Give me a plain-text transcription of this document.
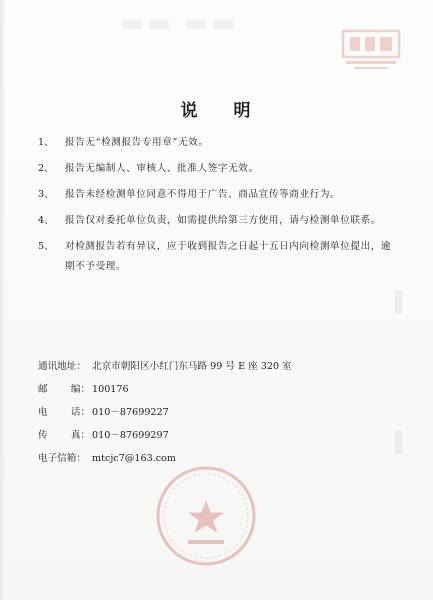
▬▬ ▬▬
▌
▌
说 明
1、	报告无“检测报告专用章”无效。
2、	报告无编制人、审核人、批准人签字无效。
3、	报告未经检测单位同意不得用于广告、商品宣传等商业行为。
4、	报告仅对委托单位负责，如需提供给第三方使用，请与检测单位联系。
5、	对检测报告若有异议，应于收到报告之日起十五日内向检测单位提出，逾期不予受理。
通讯地址： 北京市朝阳区小红门东马路 99 号 E 座 320 室
邮 编： 100176
电 话： 010－87699227
传 真： 010－87699297
电子信箱： mtcjc7@163.com
